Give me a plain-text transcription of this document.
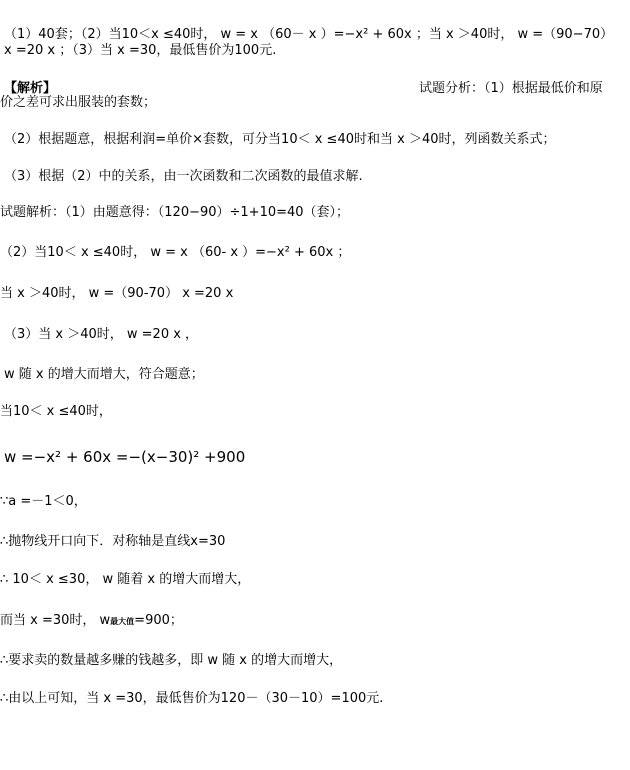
（1）40套；（2）当10＜x ≤40时， w = x （60－ x ）=−x² + 60x ；当 x ＞40时， w =（90−70）
x =20 x ；（3）当 x =30，最低售价为100元.
【解析】	试题分析：（1）根据最低价和原
价之差可求出服装的套数；
（2）根据题意，根据利润=单价×套数，可分当10＜ x ≤40时和当 x ＞40时，列函数关系式；
（3）根据（2）中的关系，由一次函数和二次函数的最值求解.
试题解析：（1）由题意得：（120−90）÷1+10=40（套）；
（2）当10＜ x ≤40时， w = x （60- x ）=−x² + 60x ；
当 x ＞40时， w =（90-70） x =20 x
（3）当 x ＞40时， w =20 x ，
w 随 x 的增大而增大，符合题意；
当10＜ x ≤40时，
w =−x² + 60x =−(x−30)² +900
∵a =－1＜0，
∴抛物线开口向下．对称轴是直线x=30
∴ 10＜ x ≤30， w 随着 x 的增大而增大，
而当 x =30时， w最大值=900；
∴要求卖的数量越多赚的钱越多，即 w 随 x 的增大而增大，
∴由以上可知，当 x =30，最低售价为120－（30－10）=100元.
